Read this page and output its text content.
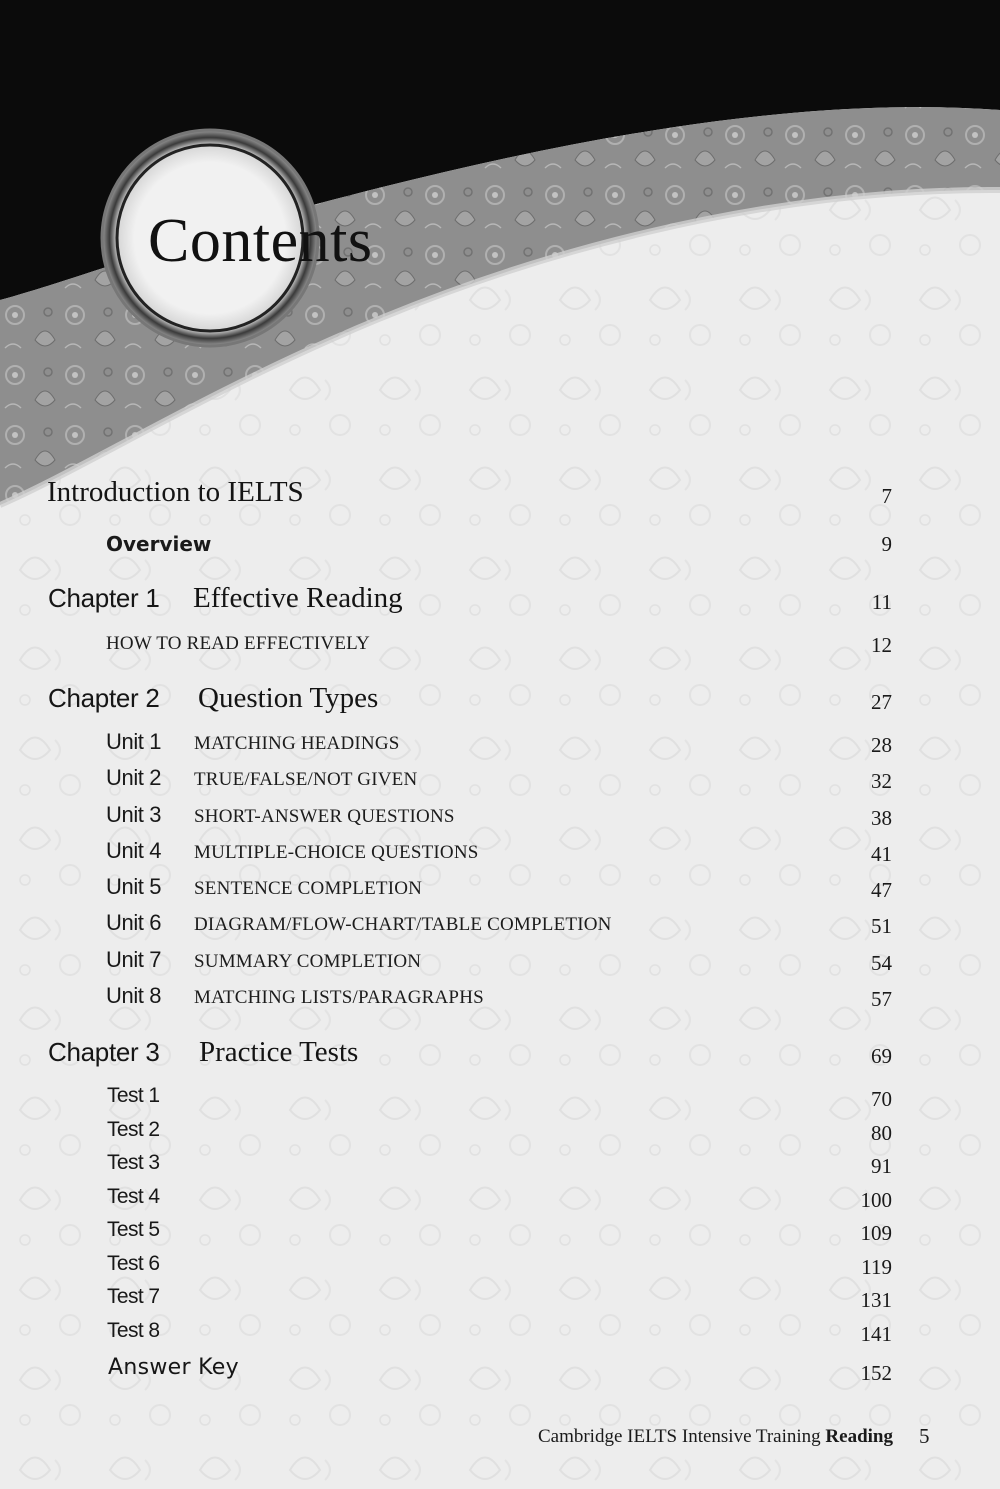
Contents
Introduction to IELTS	7
Overview	9
Chapter 1 Effective Reading	11
HOW TO READ EFFECTIVELY	12
Chapter 2 Question Types	27
Unit 1 MATCHING HEADINGS	28
Unit 2 TRUE/FALSE/NOT GIVEN	32
Unit 3 SHORT-ANSWER QUESTIONS	38
Unit 4 MULTIPLE-CHOICE QUESTIONS	41
Unit 5 SENTENCE COMPLETION	47
Unit 6 DIAGRAM/FLOW-CHART/TABLE COMPLETION	51
Unit 7 SUMMARY COMPLETION	54
Unit 8 MATCHING LISTS/PARAGRAPHS	57
Chapter 3 Practice Tests	69
Test 1	70
Test 2	80
Test 3	91
Test 4	100
Test 5	109
Test 6	119
Test 7	131
Test 8	141
Answer Key	152
Cambridge IELTS Intensive Training Reading 5
